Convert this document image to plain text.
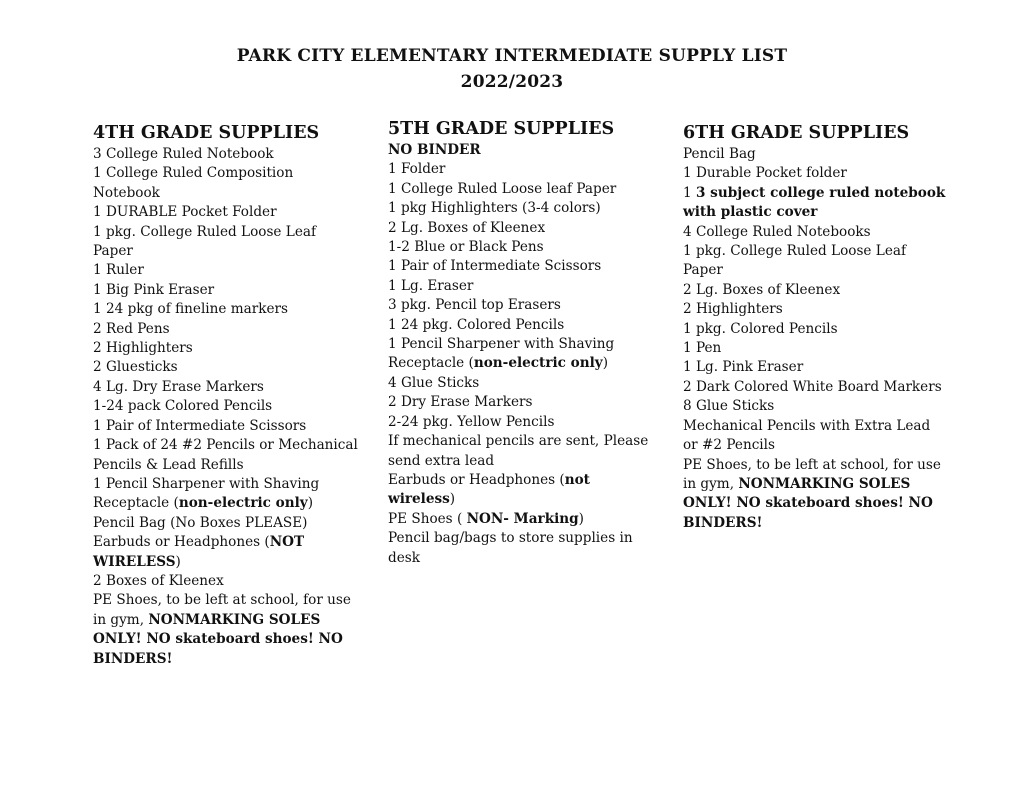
PARK CITY ELEMENTARY INTERMEDIATE SUPPLY LIST
2022/2023
4TH GRADE SUPPLIES
3 College Ruled Notebook
1 College Ruled Composition Notebook
1 DURABLE Pocket Folder
1 pkg. College Ruled Loose Leaf Paper
1 Ruler
1 Big Pink Eraser
1 24 pkg of fineline markers
2 Red Pens
2 Highlighters
2 Gluesticks
4 Lg. Dry Erase Markers
1-24 pack Colored Pencils
1 Pair of Intermediate Scissors
1 Pack of 24 #2 Pencils or Mechanical Pencils & Lead Refills
1 Pencil Sharpener with Shaving Receptacle (non-electric only)
Pencil Bag (No Boxes PLEASE)
Earbuds or Headphones (NOT WIRELESS)
2 Boxes of Kleenex
PE Shoes, to be left at school, for use in gym, NONMARKING SOLES ONLY! NO skateboard shoes! NO BINDERS!
5TH GRADE SUPPLIES
NO BINDER
1 Folder
1 College Ruled Loose leaf Paper
1 pkg Highlighters (3-4 colors)
2 Lg. Boxes of Kleenex
1-2 Blue or Black Pens
1 Pair of Intermediate Scissors
1 Lg. Eraser
3 pkg. Pencil top Erasers
1 24 pkg. Colored Pencils
1 Pencil Sharpener with Shaving Receptacle (non-electric only)
4 Glue Sticks
2 Dry Erase Markers
2-24 pkg. Yellow Pencils
If mechanical pencils are sent, Please send extra lead
Earbuds or Headphones (not wireless)
PE Shoes ( NON- Marking)
Pencil bag/bags to store supplies in desk
6TH GRADE SUPPLIES
Pencil Bag
1 Durable Pocket folder
1 3 subject college ruled notebook with plastic cover
4 College Ruled Notebooks
1 pkg. College Ruled Loose Leaf Paper
2 Lg. Boxes of Kleenex
2 Highlighters
1 pkg. Colored Pencils
1 Pen
1 Lg. Pink Eraser
2 Dark Colored White Board Markers
8 Glue Sticks
Mechanical Pencils with Extra Lead or #2 Pencils
PE Shoes, to be left at school, for use in gym, NONMARKING SOLES ONLY! NO skateboard shoes! NO BINDERS!
